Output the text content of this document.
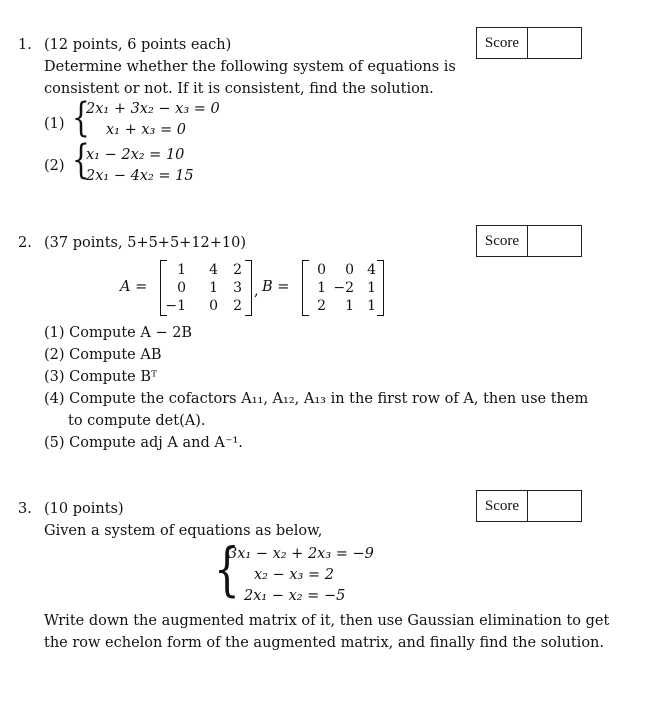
1. (12 points, 6 points each)	Score
Determine whether the following system of equations is
consistent or not. If it is consistent, find the solution.
(1) {
2x₁ + 3x₂ − x₃ = 0
x₁ + x₃ = 0
(2) {
x₁ − 2x₂ = 10
2x₁ − 4x₂ = 15
2. (37 points, 5+5+5+12+10)	Score
A =
1 4 2
0 1 3
−1 0 2
, B =
0 0 4
1 −2 1
2 1 1
(1) Compute A − 2B
(2) Compute AB
(3) Compute Bᵀ
(4) Compute the cofactors A₁₁, A₁₂, A₁₃ in the first row of A, then use them
to compute det(A).
(5) Compute adj A and A⁻¹.
3. (10 points)	Score
Given a system of equations as below,
{
3x₁ − x₂ + 2x₃ = −9
x₂ − x₃ = 2
2x₁ − x₂ = −5
Write down the augmented matrix of it, then use Gaussian elimination to get
the row echelon form of the augmented matrix, and finally find the solution.
